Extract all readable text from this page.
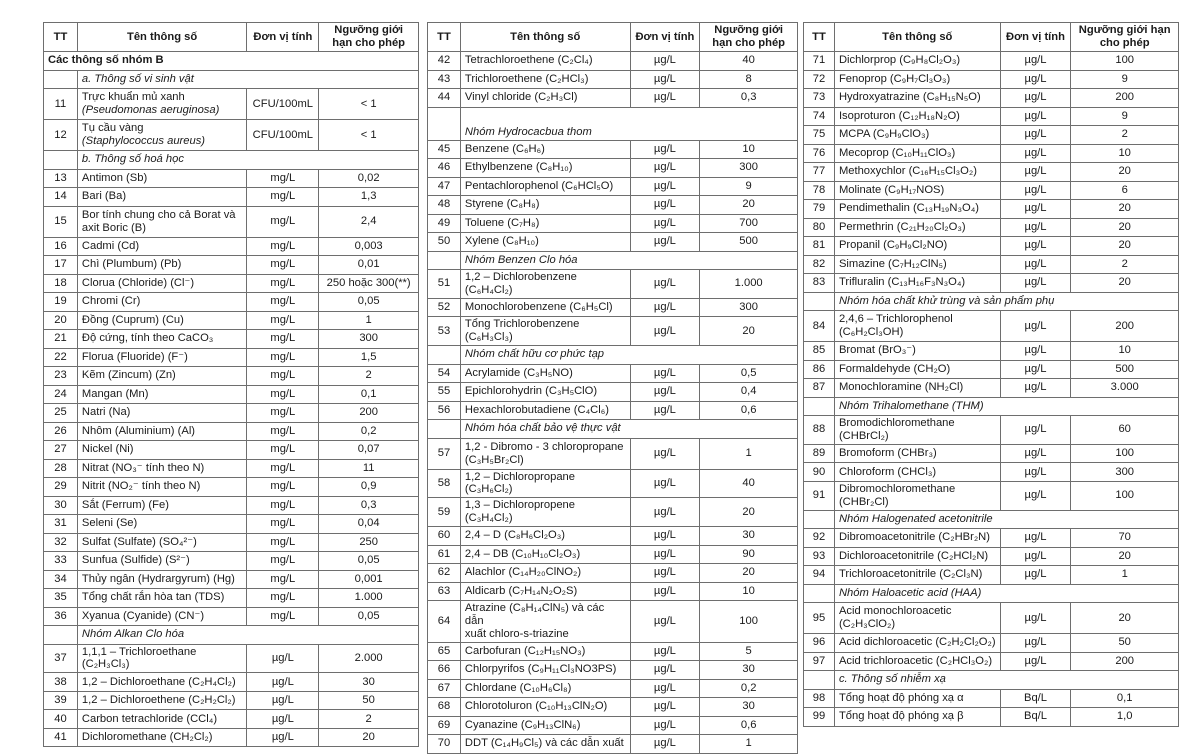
TT	Tên thông số	Đơn vị tính	Ngưỡng giới hạn cho phép
Các thông số nhóm B			
	a. Thông số vi sinh vật		
11	Trực khuẩn mủ xanh
(Pseudomonas aeruginosa)	CFU/100mL	< 1
12	Tụ cầu vàng
(Staphylococcus aureus)	CFU/100mL	< 1
	b. Thông số hoá học		
13	Antimon (Sb)	mg/L	0,02
14	Bari (Ba)	mg/L	1,3
15	Bor tính chung cho cả Borat và
axit Boric (B)	mg/L	2,4
16	Cadmi (Cd)	mg/L	0,003
17	Chì (Plumbum) (Pb)	mg/L	0,01
18	Clorua (Chloride) (Cl⁻)	mg/L	250 hoặc 300(**)
19	Chromi (Cr)	mg/L	0,05
20	Đồng (Cuprum) (Cu)	mg/L	1
21	Độ cứng, tính theo CaCO₃	mg/L	300
22	Florua (Fluoride) (F⁻)	mg/L	1,5
23	Kẽm (Zincum) (Zn)	mg/L	2
24	Mangan (Mn)	mg/L	0,1
25	Natri (Na)	mg/L	200
26	Nhôm (Aluminium) (Al)	mg/L	0,2
27	Nickel (Ni)	mg/L	0,07
28	Nitrat (NO₃⁻ tính theo N)	mg/L	11
29	Nitrit (NO₂⁻ tính theo N)	mg/L	0,9
30	Sắt (Ferrum) (Fe)	mg/L	0,3
31	Seleni (Se)	mg/L	0,04
32	Sulfat (Sulfate) (SO₄²⁻)	mg/L	250
33	Sunfua (Sulfide) (S²⁻)	mg/L	0,05
34	Thủy ngân (Hydrargyrum) (Hg)	mg/L	0,001
35	Tổng chất rắn hòa tan (TDS)	mg/L	1.000
36	Xyanua (Cyanide) (CN⁻)	mg/L	0,05
	Nhóm Alkan Clo hóa		
37	1,1,1 – Trichloroethane (C₂H₃Cl₃)	µg/L	2.000
38	1,2 – Dichloroethane (C₂H₄Cl₂)	µg/L	30
39	1,2 – Dichloroethene (C₂H₂Cl₂)	µg/L	50
40	Carbon tetrachloride (CCl₄)	µg/L	2
41	Dichloromethane (CH₂Cl₂)	µg/L	20
TT	Tên thông số	Đơn vị tính	Ngưỡng giới hạn cho phép
42	Tetrachloroethene (C₂Cl₄)	µg/L	40
43	Trichloroethene (C₂HCl₃)	µg/L	8
44	Vinyl chloride (C₂H₃Cl)	µg/L	0,3
	Nhóm Hydrocacbua thom		
45	Benzene (C₆H₆)	µg/L	10
46	Ethylbenzene (C₈H₁₀)	µg/L	300
47	Pentachlorophenol (C₆HCl₅O)	µg/L	9
48	Styrene (C₈H₈)	µg/L	20
49	Toluene (C₇H₈)	µg/L	700
50	Xylene (C₈H₁₀)	µg/L	500
	Nhóm Benzen Clo hóa		
51	1,2 – Dichlorobenzene (C₆H₄Cl₂)	µg/L	1.000
52	Monochlorobenzene (C₆H₅Cl)	µg/L	300
53	Tổng Trichlorobenzene (C₆H₃Cl₃)	µg/L	20
	Nhóm chất hữu cơ phức tạp		
54	Acrylamide (C₃H₅NO)	µg/L	0,5
55	Epichlorohydrin (C₃H₅ClO)	µg/L	0,4
56	Hexachlorobutadiene (C₄Cl₆)	µg/L	0,6
	Nhóm hóa chất bảo vệ thực vật		
57	1,2 - Dibromo - 3 chloropropane
(C₃H₅Br₂Cl)	µg/L	1
58	1,2 – Dichloropropane (C₃H₆Cl₂)	µg/L	40
59	1,3 – Dichloropropene (C₃H₄Cl₂)	µg/L	20
60	2,4 – D (C₈H₆Cl₂O₃)	µg/L	30
61	2,4 – DB (C₁₀H₁₀Cl₂O₃)	µg/L	90
62	Alachlor (C₁₄H₂₀ClNO₂)	µg/L	20
63	Aldicarb (C₇H₁₄N₂O₂S)	µg/L	10
64	Atrazine (C₈H₁₄ClN₅) và các dẫn
xuất chloro-s-triazine	µg/L	100
65	Carbofuran (C₁₂H₁₅NO₃)	µg/L	5
66	Chlorpyrifos (C₉H₁₁Cl₃NO3PS)	µg/L	30
67	Chlordane (C₁₀H₆Cl₈)	µg/L	0,2
68	Chlorotoluron (C₁₀H₁₃ClN₂O)	µg/L	30
69	Cyanazine (C₉H₁₃ClN₆)	µg/L	0,6
70	DDT (C₁₄H₉Cl₅) và các dẫn xuất	µg/L	1
TT	Tên thông số	Đơn vị tính	Ngưỡng giới hạn cho phép
71	Dichlorprop (C₉H₈Cl₂O₃)	µg/L	100
72	Fenoprop (C₉H₇Cl₃O₃)	µg/L	9
73	Hydroxyatrazine (C₈H₁₅N₅O)	µg/L	200
74	Isoproturon (C₁₂H₁₈N₂O)	µg/L	9
75	MCPA (C₉H₉ClO₃)	µg/L	2
76	Mecoprop (C₁₀H₁₁ClO₃)	µg/L	10
77	Methoxychlor (C₁₆H₁₅Cl₃O₂)	µg/L	20
78	Molinate (C₉H₁₇NOS)	µg/L	6
79	Pendimethalin (C₁₃H₁₉N₃O₄)	µg/L	20
80	Permethrin (C₂₁H₂₀Cl₂O₃)	µg/L	20
81	Propanil (C₉H₉Cl₂NO)	µg/L	20
82	Simazine (C₇H₁₂ClN₅)	µg/L	2
83	Trifluralin (C₁₃H₁₆F₃N₃O₄)	µg/L	20
	Nhóm hóa chất khử trùng và sản phẩm phụ		
84	2,4,6 – Trichlorophenol
(C₆H₂Cl₃OH)	µg/L	200
85	Bromat (BrO₃⁻)	µg/L	10
86	Formaldehyde (CH₂O)	µg/L	500
87	Monochloramine (NH₂Cl)	µg/L	3.000
	Nhóm Trihalomethane (THM)		
88	Bromodichloromethane (CHBrCl₂)	µg/L	60
89	Bromoform (CHBr₃)	µg/L	100
90	Chloroform (CHCl₃)	µg/L	300
91	Dibromochloromethane (CHBr₂Cl)	µg/L	100
	Nhóm Halogenated acetonitrile		
92	Dibromoacetonitrile (C₂HBr₂N)	µg/L	70
93	Dichloroacetonitrile (C₂HCl₂N)	µg/L	20
94	Trichloroacetonitrile (C₂Cl₃N)	µg/L	1
	Nhóm Haloacetic acid (HAA)		
95	Acid monochloroacetic
(C₂H₃ClO₂)	µg/L	20
96	Acid dichloroacetic (C₂H₂Cl₂O₂)	µg/L	50
97	Acid trichloroacetic (C₂HCl₃O₂)	µg/L	200
	c. Thông số nhiễm xạ		
98	Tổng hoạt độ phóng xạ α	Bq/L	0,1
99	Tổng hoạt độ phóng xạ β	Bq/L	1,0
